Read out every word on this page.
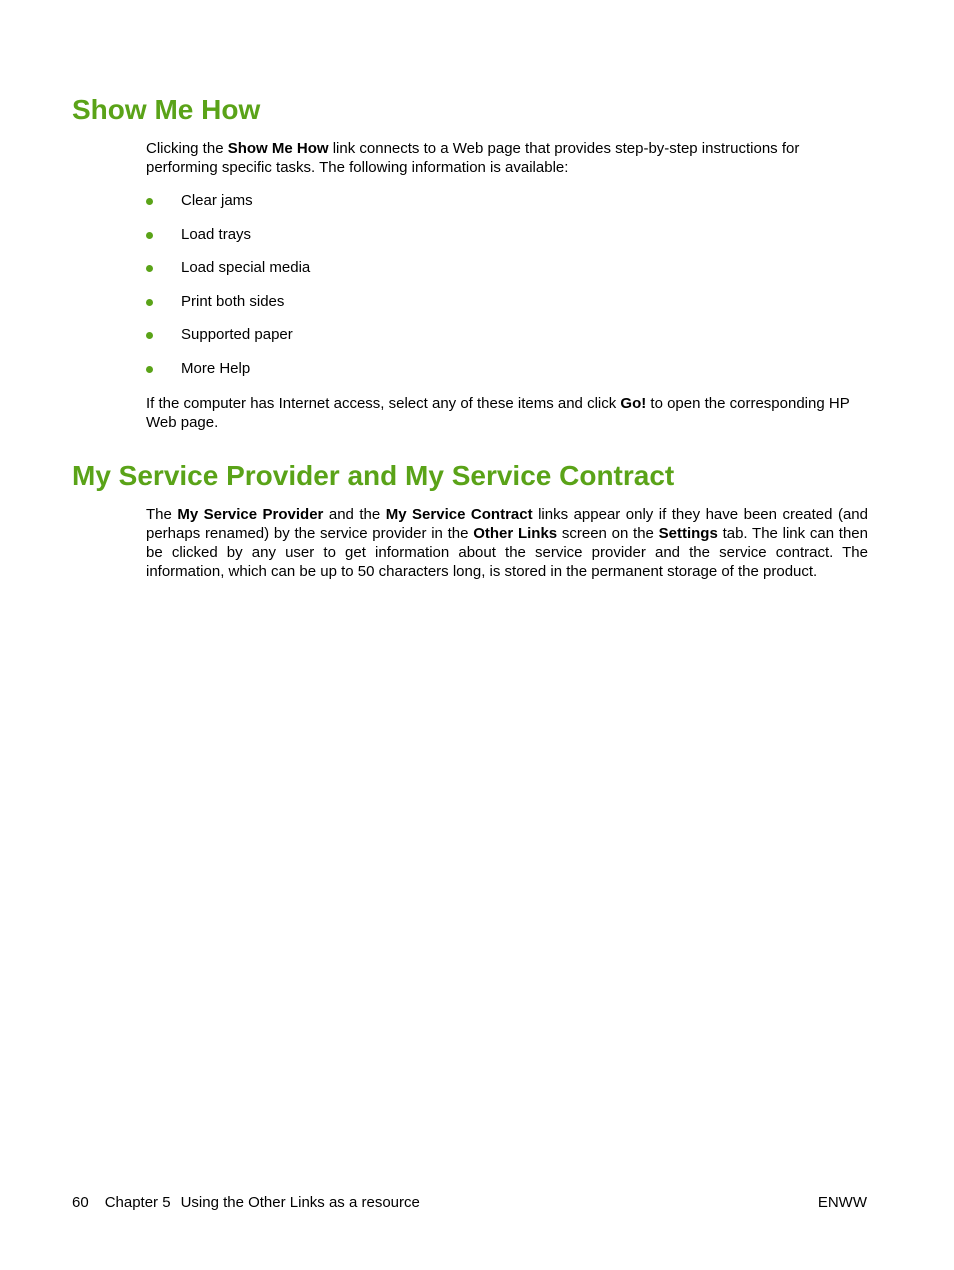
Show Me How

Clicking the Show Me How link connects to a Web page that provides step-by-step instructions for performing specific tasks. The following information is available:

Clear jams
Load trays
Load special media
Print both sides
Supported paper
More Help

If the computer has Internet access, select any of these items and click Go! to open the corresponding HP Web page.

My Service Provider and My Service Contract

The My Service Provider and the My Service Contract links appear only if they have been created (and perhaps renamed) by the service provider in the Other Links screen on the Settings tab. The link can then be clicked by any user to get information about the service provider and the service contract. The information, which can be up to 50 characters long, is stored in the permanent storage of the product.

60 Chapter 5 Using the Other Links as a resource	ENWW
